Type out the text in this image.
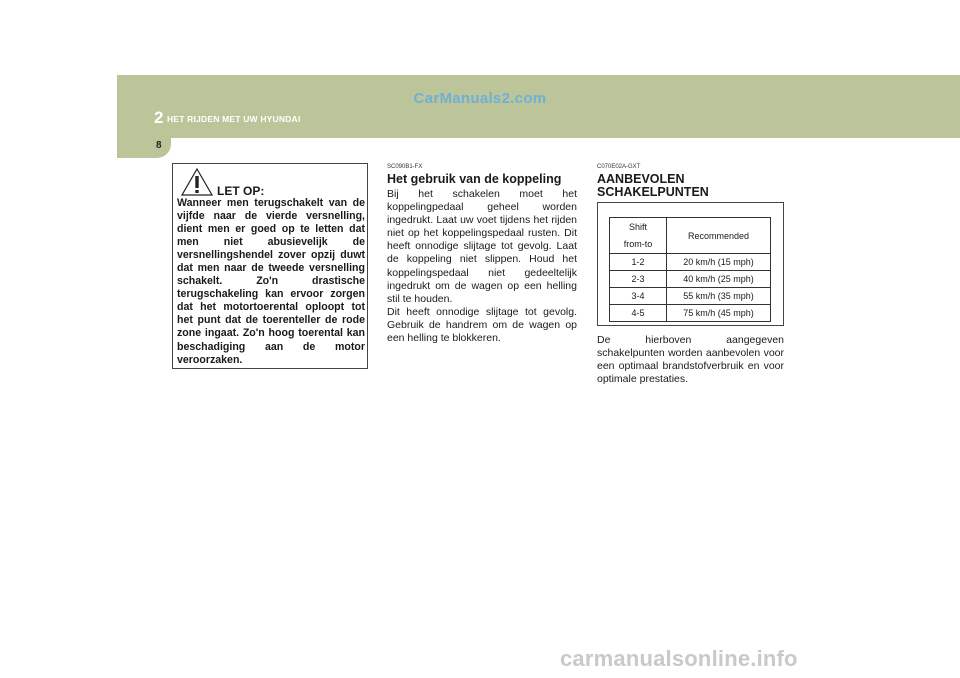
CarManuals2.com
2 HET RIJDEN MET UW HYUNDAI
8
LET OP:
Wanneer men terugschakelt van de vijfde naar de vierde versnelling, dient men er goed op te letten dat men niet abusievelijk de versnellingshendel zover opzij duwt dat men naar de tweede versnelling schakelt. Zo'n drastische terugschakeling kan ervoor zorgen dat het motortoerental oploopt tot het punt dat de toerenteller de rode zone ingaat. Zo'n hoog toerental kan beschadiging aan de motor veroorzaken.
SC090B1-FX
Het gebruik van de koppeling

Bij het schakelen moet het koppelingpedaal geheel worden ingedrukt. Laat uw voet tijdens het rijden niet op het koppelingspedaal rusten. Dit heeft onnodige slijtage tot gevolg. Laat de koppeling niet slippen. Houd het koppelingspedaal niet gedeeltelijk ingedrukt om de wagen op een helling stil te houden.

Dit heeft onnodige slijtage tot gevolg. Gebruik de handrem om de wagen op een helling te blokkeren.

C070E02A-GXT
AANBEVOLEN
SCHAKELPUNTEN
Shift
from-to	Recommended
1-2	20 km/h (15 mph)
2-3	40 km/h (25 mph)
3-4	55 km/h (35 mph)
4-5	75 km/h (45 mph)
De hierboven aangegeven schakelpunten worden aanbevolen voor een optimaal brandstofverbruik en voor optimale prestaties.
carmanualsonline.info
